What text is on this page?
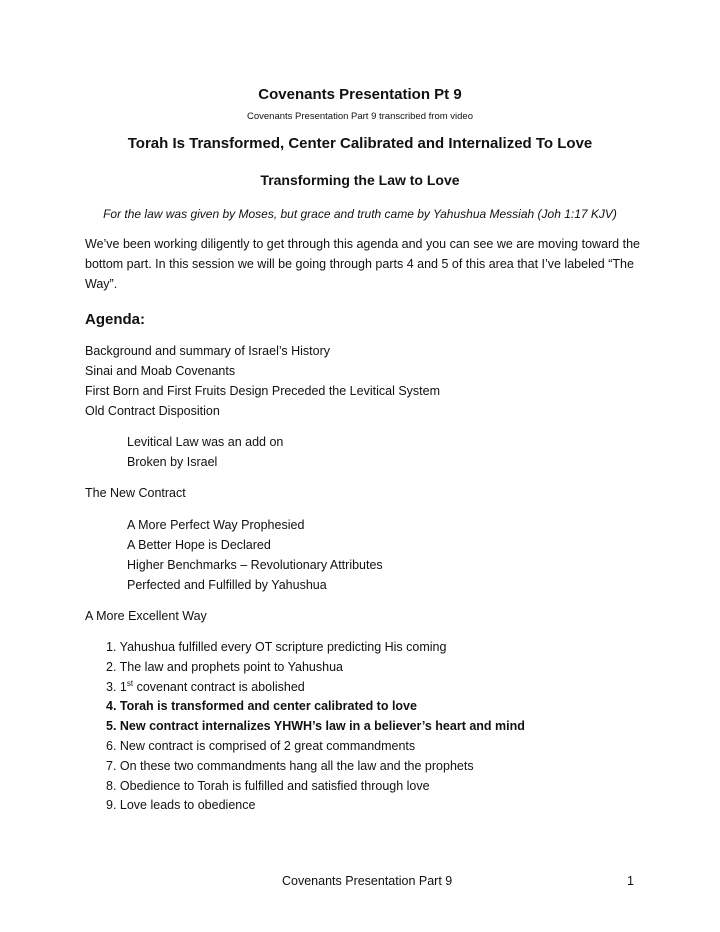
Covenants Presentation Pt 9
Covenants Presentation Part 9 transcribed from video
Torah Is Transformed, Center Calibrated and Internalized To Love
Transforming the Law to Love
For the law was given by Moses, but grace and truth came by Yahushua Messiah (Joh 1:17 KJV)

We’ve been working diligently to get through this agenda and you can see we are moving toward the bottom part. In this session we will be going through parts 4 and 5 of this area that I’ve labeled “The Way”.

Agenda:
Background and summary of Israel’s History
Sinai and Moab Covenants
First Born and First Fruits Design Preceded the Levitical System
Old Contract Disposition
Levitical Law was an add on
Broken by Israel
The New Contract
A More Perfect Way Prophesied
A Better Hope is Declared
Higher Benchmarks – Revolutionary Attributes
Perfected and Fulfilled by Yahushua
A More Excellent Way
1. Yahushua fulfilled every OT scripture predicting His coming
2. The law and prophets point to Yahushua
3. 1st covenant contract is abolished
4. Torah is transformed and center calibrated to love
5. New contract internalizes YHWH’s law in a believer’s heart and mind
6. New contract is comprised of 2 great commandments
7. On these two commandments hang all the law and the prophets
8. Obedience to Torah is fulfilled and satisfied through love
9. Love leads to obedience
Covenants Presentation Part 9	1
